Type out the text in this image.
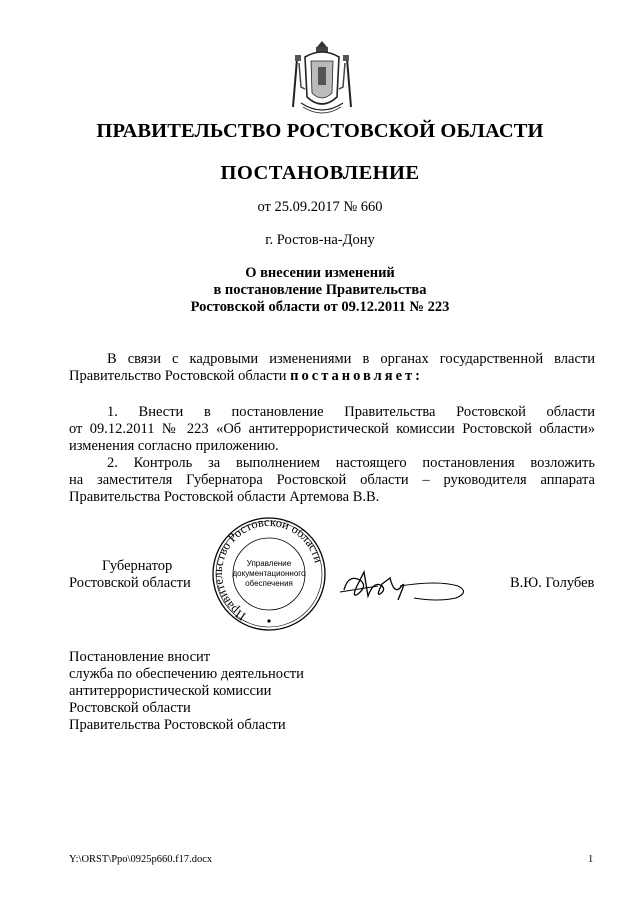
ПРАВИТЕЛЬСТВО РОСТОВСКОЙ ОБЛАСТИ
ПОСТАНОВЛЕНИЕ
от 25.09.2017 № 660
г. Ростов-на-Дону
О внесении изменений
в постановление Правительства
Ростовской области от 09.12.2011 № 223
В связи с кадровыми изменениями в органах государственной власти
Правительство Ростовской области постановляет:
1. Внести в постановление Правительства Ростовской области
от 09.12.2011 № 223 «Об антитеррористической комиссии Ростовской области»
изменения согласно приложению.
2. Контроль за выполнением настоящего постановления возложить
на заместителя Губернатора Ростовской области – руководителя аппарата
Правительства Ростовской области Артемова В.В.
Губернатор
Ростовской области
Правительство Ростовской области
Управление
документационного
обеспечения	В.Ю. Голубев
Постановление вносит
служба по обеспечению деятельности
антитеррористической комиссии
Ростовской области
Правительства Ростовской области
Y:\ORST\Ppo\0925p660.f17.docx	1
